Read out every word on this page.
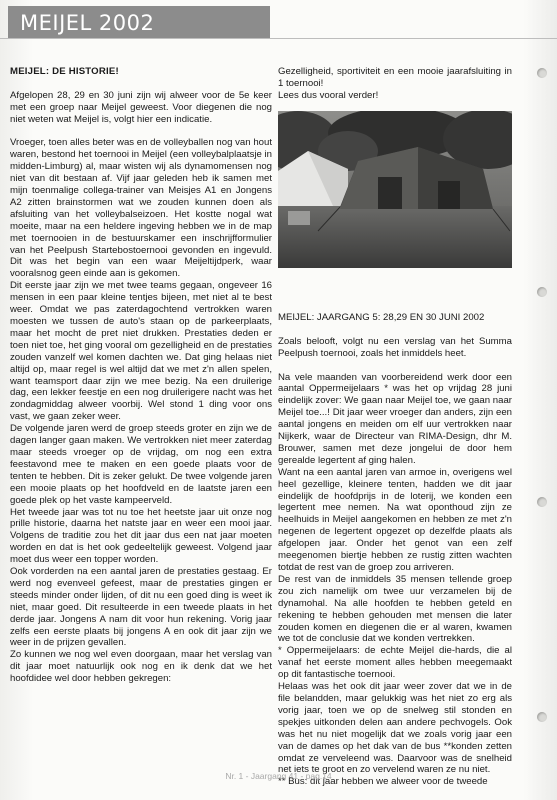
MEIJEL 2002

MEIJEL: DE HISTORIE!

Afgelopen 28, 29 en 30 juni zijn wij alweer voor de 5e keer met een groep naar Meijel geweest. Voor diegenen die nog niet weten wat Meijel is, volgt hier een indicatie.

Vroeger, toen alles beter was en de volleyballen nog van hout waren, bestond het toernooi in Meijel (een volleybalplaatsje in midden-Limburg) al, maar wisten wij als dynamomensen nog niet van dit bestaan af. Vijf jaar geleden heb ik samen met mijn toenmalige collega-trainer van Meisjes A1 en Jongens A2 zitten brainstormen wat we zouden kunnen doen als afsluiting van het volleybalseizoen. Het kostte nogal wat moeite, maar na een heldere ingeving hebben we in de map met toernooien in de bestuurskamer een inschrijfformulier van het Peelpush Startebostoernooi gevonden en ingevuld. Dit was het begin van een waar Meijeltijdperk, waar vooralsnog geen einde aan is gekomen.

Dit eerste jaar zijn we met twee teams gegaan, ongeveer 16 mensen in een paar kleine tentjes bijeen, met niet al te best weer. Omdat we pas zaterdagochtend vertrokken waren moesten we tussen de auto's staan op de parkeerplaats, maar het mocht de pret niet drukken. Prestaties deden er toen niet toe, het ging vooral om gezelligheid en de prestaties zouden vanzelf wel komen dachten we. Dat ging helaas niet altijd op, maar regel is wel altijd dat we met z'n allen spelen, want teamsport daar zijn we mee bezig. Na een druilerige dag, een lekker feestje en een nog druilerigere nacht was het zondagmiddag alweer voorbij. Wel stond 1 ding voor ons vast, we gaan zeker weer.

De volgende jaren werd de groep steeds groter en zijn we de dagen langer gaan maken. We vertrokken niet meer zaterdag maar steeds vroeger op de vrijdag, om nog een extra feestavond mee te maken en een goede plaats voor de tenten te hebben. Dit is zeker gelukt. De twee volgende jaren een mooie plaats op het hoofdveld en de laatste jaren een goede plek op het vaste kampeerveld.

Het tweede jaar was tot nu toe het heetste jaar uit onze nog prille historie, daarna het natste jaar en weer een mooi jaar. Volgens de traditie zou het dit jaar dus een nat jaar moeten worden en dat is het ook gedeeltelijk geweest. Volgend jaar moet dus weer een topper worden.

Ook vorderden na een aantal jaren de prestaties gestaag. Er werd nog evenveel gefeest, maar de prestaties gingen er steeds minder onder lijden, of dit nu een goed ding is weet ik niet, maar goed. Dit resulteerde in een tweede plaats in het derde jaar. Jongens A nam dit voor hun rekening. Vorig jaar zelfs een eerste plaats bij jongens A en ook dit jaar zijn we weer in de prijzen gevallen.

Zo kunnen we nog wel even doorgaan, maar het verslag van dit jaar moet natuurlijk ook nog en ik denk dat we het hoofdidee wel door hebben gekregen:

Gezelligheid, sportiviteit en een mooie jaarafsluiting in 1 toernooi!

Lees dus vooral verder!

MEIJEL: JAARGANG 5: 28,29 EN 30 JUNI 2002

Zoals belooft, volgt nu een verslag van het Summa Peelpush toernooi, zoals het inmiddels heet.

Na vele maanden van voorbereidend werk door een aantal Oppermeijelaars * was het op vrijdag 28 juni eindelijk zover: We gaan naar Meijel toe, we gaan naar Meijel toe...! Dit jaar weer vroeger dan anders, zijn een aantal jongens en meiden om elf uur vertrokken naar Nijkerk, waar de Directeur van RIMA-Design, dhr M. Brouwer, samen met deze jongelui de door hem gerealde legertent af ging halen.

Want na een aantal jaren van armoe in, overigens wel heel gezellige, kleinere tenten, hadden we dit jaar eindelijk de hoofdprijs in de loterij, we konden een legertent mee nemen. Na wat oponthoud zijn ze heelhuids in Meijel aangekomen en hebben ze met z'n negenen de legertent opgezet op dezelfde plaats als afgelopen jaar. Onder het genot van een zelf meegenomen biertje hebben ze rustig zitten wachten totdat de rest van de groep zou arriveren.

De rest van de inmiddels 35 mensen tellende groep zou zich namelijk om twee uur verzamelen bij de dynamohal. Na alle hoofden te hebben geteld en rekening te hebben gehouden met mensen die later zouden komen en diegenen die er al waren, kwamen we tot de conclusie dat we konden vertrekken.

* Oppermeijelaars: de echte Meijel die-hards, die al vanaf het eerste moment alles hebben meegemaakt op dit fantastische toernooi.

Helaas was het ook dit jaar weer zover dat we in de file belandden, maar gelukkig was het niet zo erg als vorig jaar, toen we op de snelweg stil stonden en spekjes uitkonden delen aan andere pechvogels. Ook was het nu niet mogelijk dat we zoals vorig jaar een van de dames op het dak van de bus **konden zetten omdat ze verveleend was. Daarvoor was de snelheid net iets te groot en zo vervelend waren ze nu niet.

** Bus: dit jaar hebben we alweer voor de tweede

Nr. 1 - Jaargang 41 - pag.14
